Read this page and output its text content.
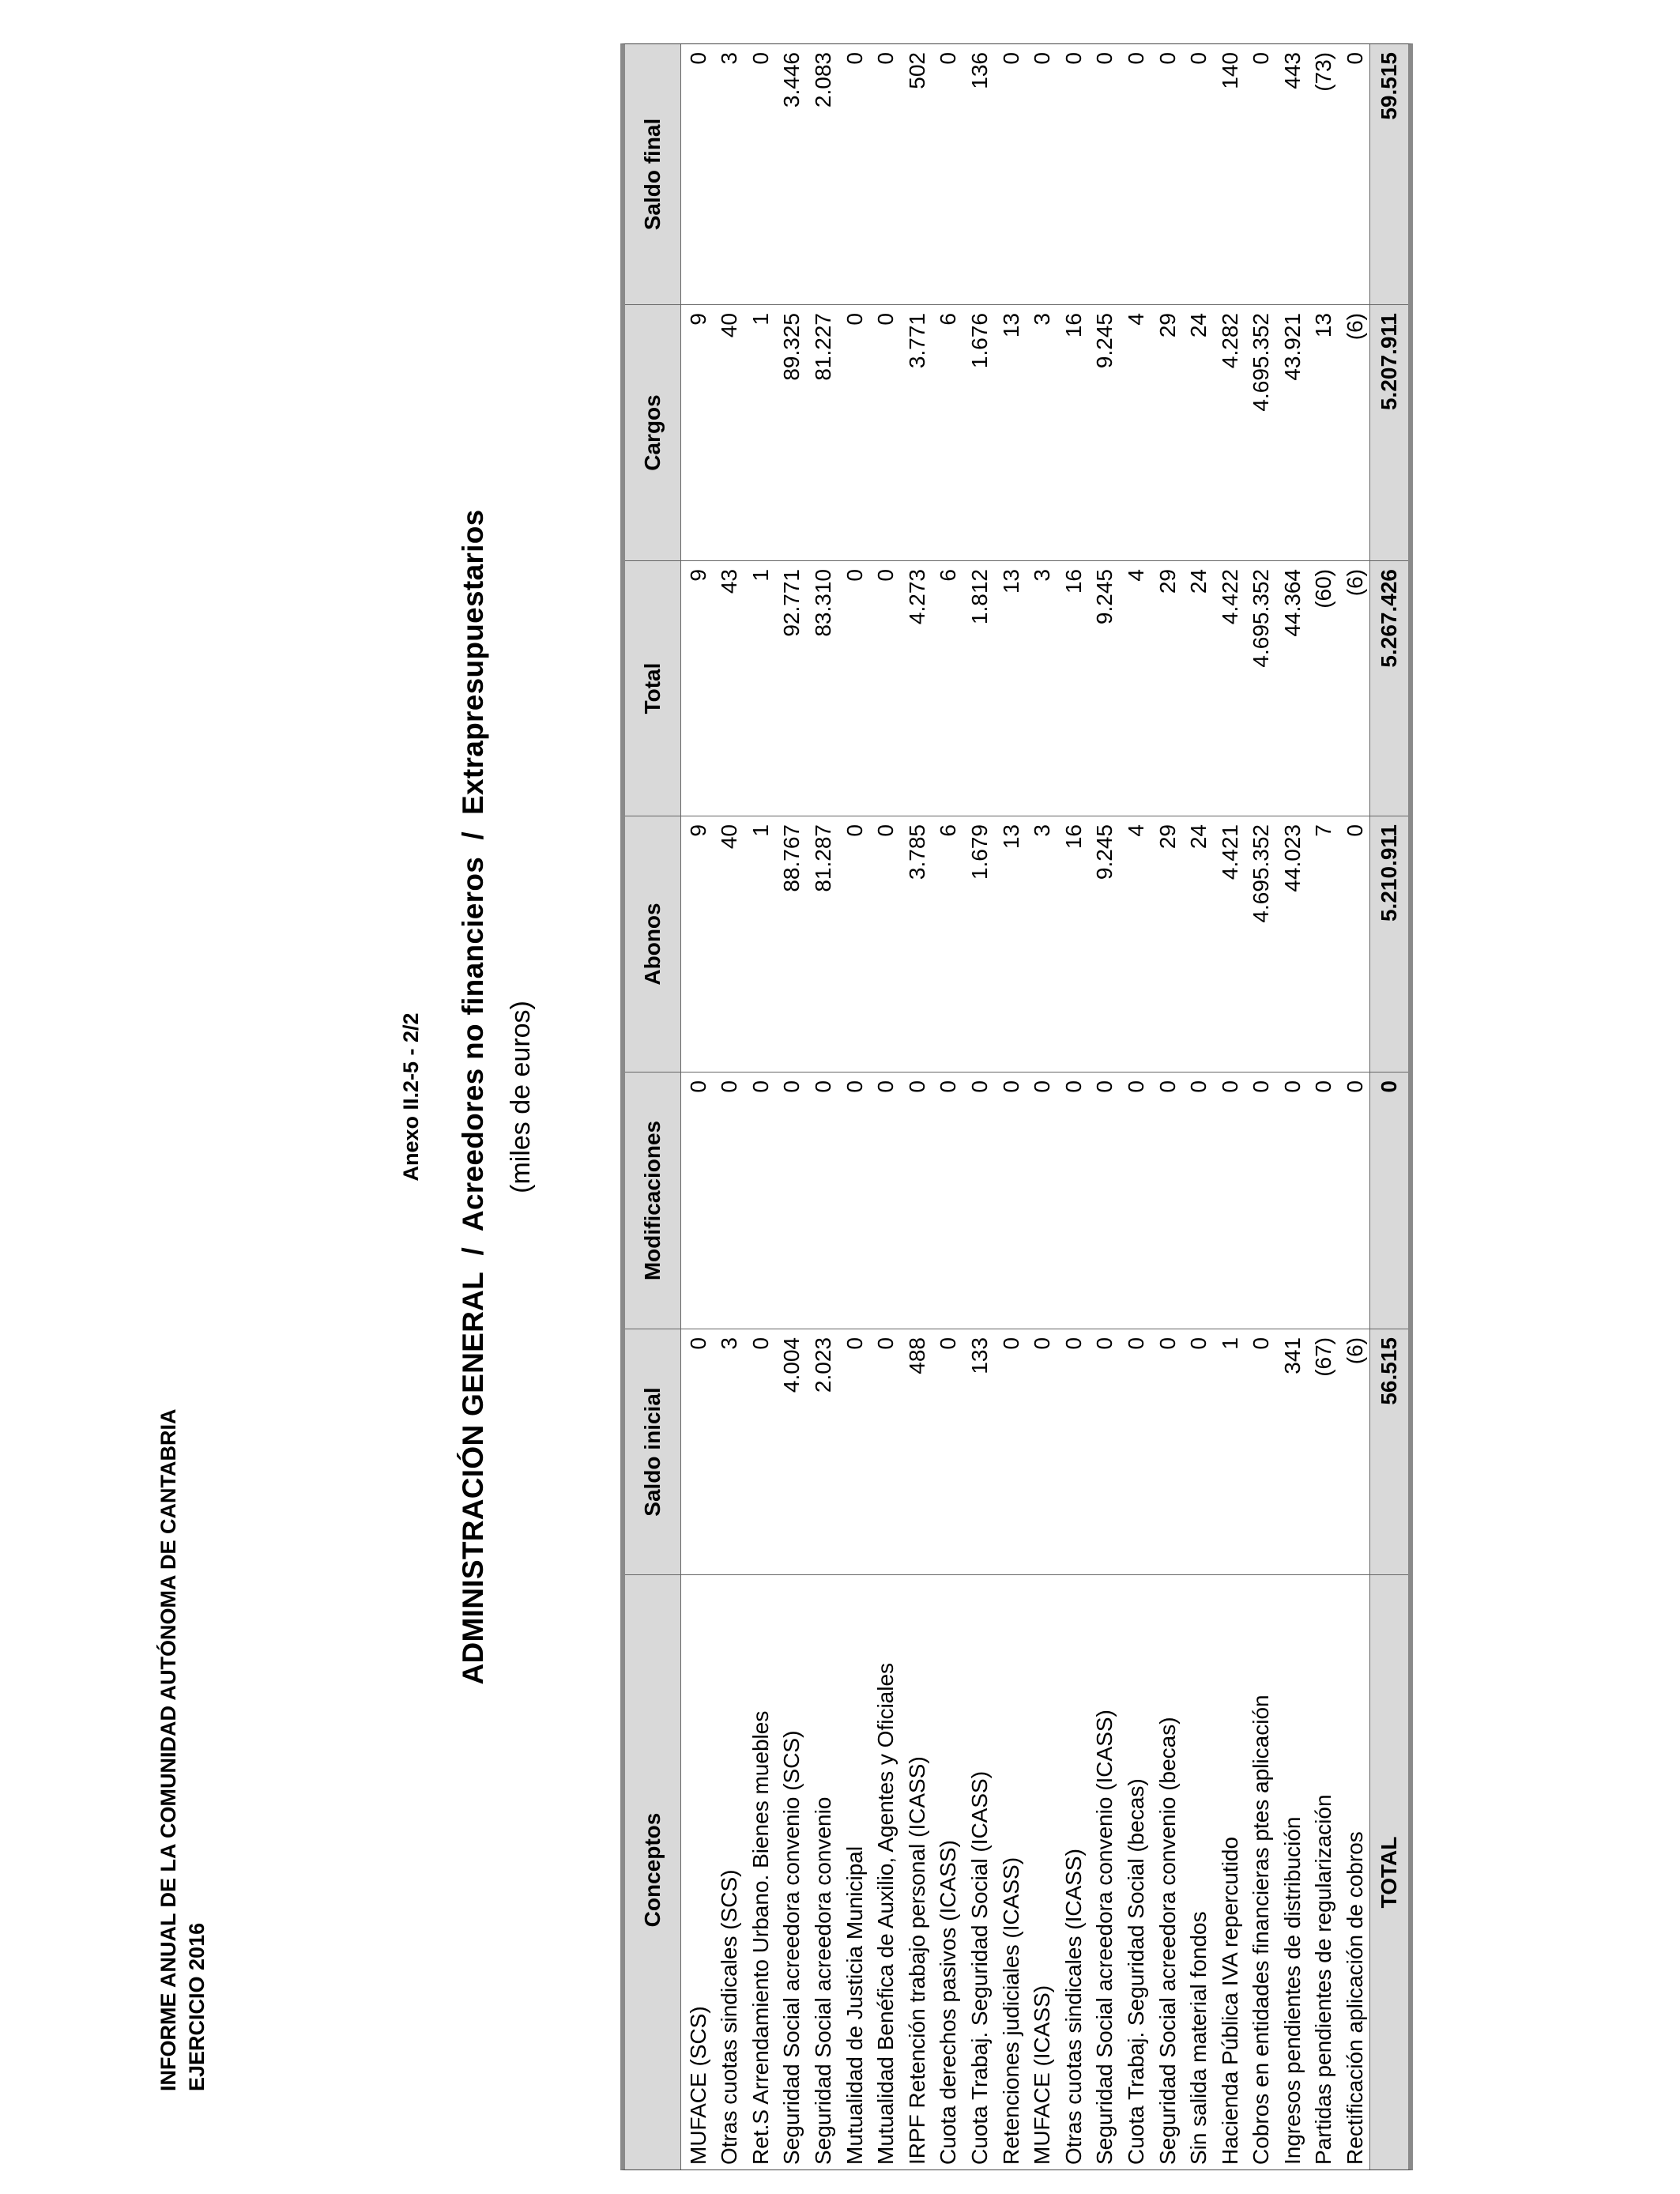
INFORME ANUAL DE LA COMUNIDAD AUTÓNOMA DE CANTABRIA EJERCICIO 2016
Anexo II.2-5 - 2/2 ADMINISTRACIÓN GENERAL  /  Acreedores no financieros  /  Extrapresupuestarios (miles de euros)
Conceptos
Saldo inicial
Modificaciones
Abonos
Total
Cargos
Saldo final
MUFACE (SCS)
0
0
9
9
9
0
Otras cuotas sindicales (SCS)
3
0
40
43
40
3
Ret.S Arrendamiento Urbano. Bienes muebles
0
0
1
1
1
0
Seguridad Social acreedora convenio (SCS)
4.004
0
88.767
92.771
89.325
3.446
Seguridad Social acreedora convenio
2.023
0
81.287
83.310
81.227
2.083
Mutualidad de Justicia Municipal
0
0
0
0
0
0
Mutualidad Benéfica de Auxilio, Agentes y Oficiales
0
0
0
0
0
0
IRPF Retención trabajo personal (ICASS)
488
0
3.785
4.273
3.771
502
Cuota derechos pasivos (ICASS)
0
0
6
6
6
0
Cuota Trabaj. Seguridad Social (ICASS)
133
0
1.679
1.812
1.676
136
Retenciones judiciales (ICASS)
0
0
13
13
13
0
MUFACE (ICASS)
0
0
3
3
3
0
Otras cuotas sindicales (ICASS)
0
0
16
16
16
0
Seguridad Social acreedora convenio (ICASS)
0
0
9.245
9.245
9.245
0
Cuota Trabaj. Seguridad Social (becas)
0
0
4
4
4
0
Seguridad Social acreedora convenio (becas)
0
0
29
29
29
0
Sin salida material fondos
0
0
24
24
24
0
Hacienda Pública IVA repercutido
1
0
4.421
4.422
4.282
140
Cobros en entidades financieras ptes aplicación
0
0
4.695.352
4.695.352
4.695.352
0
Ingresos pendientes de distribución
341
0
44.023
44.364
43.921
443
Partidas pendientes de regularización
(67)
0
7
(60)
13
(73)
Rectificación aplicación de cobros
(6)
0
0
(6)
(6)
0
TOTAL
56.515
0
5.210.911
5.267.426
5.207.911
59.515
